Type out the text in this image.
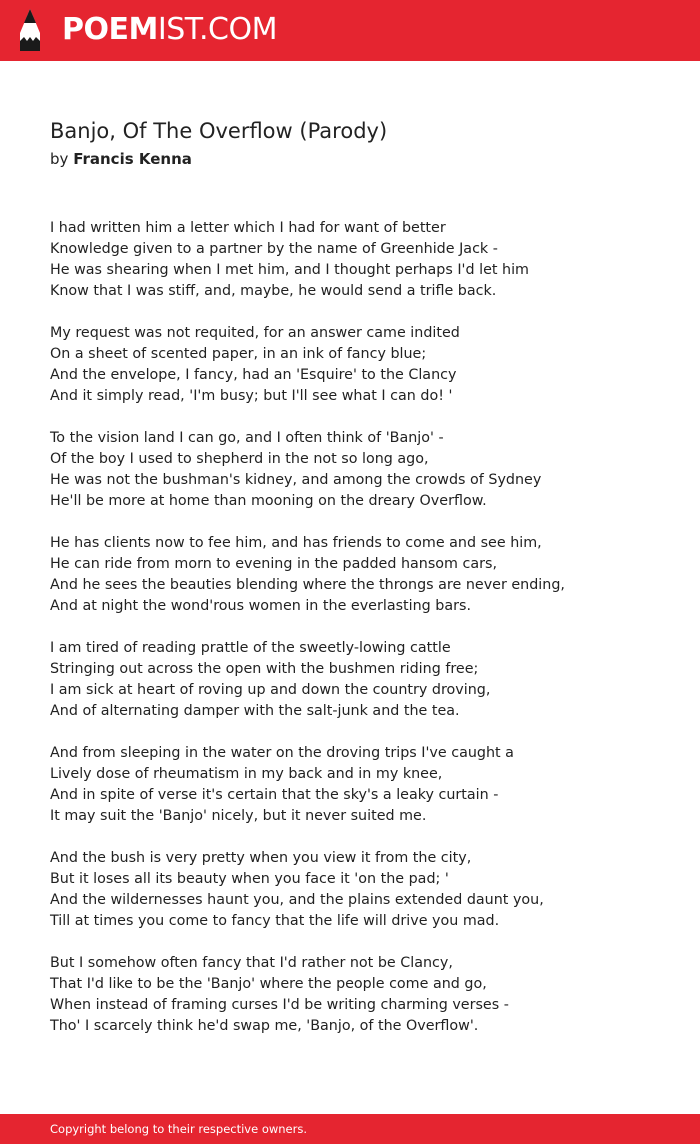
POEMIST.COM
Banjo, Of The Overflow (Parody)
by Francis Kenna
I had written him a letter which I had for want of better
Knowledge given to a partner by the name of Greenhide Jack -
He was shearing when I met him, and I thought perhaps I'd let him
Know that I was stiff, and, maybe, he would send a trifle back.
My request was not requited, for an answer came indited
On a sheet of scented paper, in an ink of fancy blue;
And the envelope, I fancy, had an 'Esquire' to the Clancy
And it simply read, 'I'm busy; but I'll see what I can do! '
To the vision land I can go, and I often think of 'Banjo' -
Of the boy I used to shepherd in the not so long ago,
He was not the bushman's kidney, and among the crowds of Sydney
He'll be more at home than mooning on the dreary Overflow.
He has clients now to fee him, and has friends to come and see him,
He can ride from morn to evening in the padded hansom cars,
And he sees the beauties blending where the throngs are never ending,
And at night the wond'rous women in the everlasting bars.
I am tired of reading prattle of the sweetly-lowing cattle
Stringing out across the open with the bushmen riding free;
I am sick at heart of roving up and down the country droving,
And of alternating damper with the salt-junk and the tea.
And from sleeping in the water on the droving trips I've caught a
Lively dose of rheumatism in my back and in my knee,
And in spite of verse it's certain that the sky's a leaky curtain -
It may suit the 'Banjo' nicely, but it never suited me.
And the bush is very pretty when you view it from the city,
But it loses all its beauty when you face it 'on the pad; '
And the wildernesses haunt you, and the plains extended daunt you,
Till at times you come to fancy that the life will drive you mad.
But I somehow often fancy that I'd rather not be Clancy,
That I'd like to be the 'Banjo' where the people come and go,
When instead of framing curses I'd be writing charming verses -
Tho' I scarcely think he'd swap me, 'Banjo, of the Overflow'.
Copyright belong to their respective owners.
